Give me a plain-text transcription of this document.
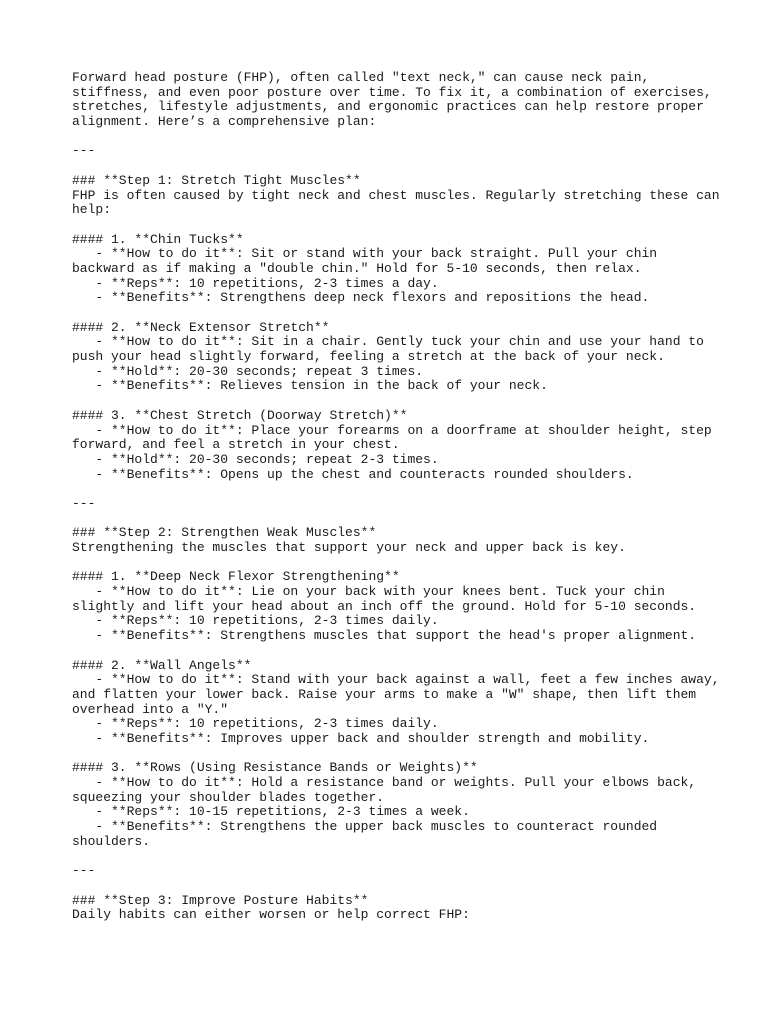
Forward head posture (FHP), often called "text neck," can cause neck pain,
stiffness, and even poor posture over time. To fix it, a combination of exercises,
stretches, lifestyle adjustments, and ergonomic practices can help restore proper
alignment. Here’s a comprehensive plan:
---
### **Step 1: Stretch Tight Muscles**
FHP is often caused by tight neck and chest muscles. Regularly stretching these can
help:
#### 1. **Chin Tucks**
- **How to do it**: Sit or stand with your back straight. Pull your chin
backward as if making a "double chin." Hold for 5-10 seconds, then relax.
- **Reps**: 10 repetitions, 2-3 times a day.
- **Benefits**: Strengthens deep neck flexors and repositions the head.
#### 2. **Neck Extensor Stretch**
- **How to do it**: Sit in a chair. Gently tuck your chin and use your hand to
push your head slightly forward, feeling a stretch at the back of your neck.
- **Hold**: 20-30 seconds; repeat 3 times.
- **Benefits**: Relieves tension in the back of your neck.
#### 3. **Chest Stretch (Doorway Stretch)**
- **How to do it**: Place your forearms on a doorframe at shoulder height, step
forward, and feel a stretch in your chest.
- **Hold**: 20-30 seconds; repeat 2-3 times.
- **Benefits**: Opens up the chest and counteracts rounded shoulders.
---
### **Step 2: Strengthen Weak Muscles**
Strengthening the muscles that support your neck and upper back is key.
#### 1. **Deep Neck Flexor Strengthening**
- **How to do it**: Lie on your back with your knees bent. Tuck your chin
slightly and lift your head about an inch off the ground. Hold for 5-10 seconds.
- **Reps**: 10 repetitions, 2-3 times daily.
- **Benefits**: Strengthens muscles that support the head's proper alignment.
#### 2. **Wall Angels**
- **How to do it**: Stand with your back against a wall, feet a few inches away,
and flatten your lower back. Raise your arms to make a "W" shape, then lift them
overhead into a "Y."
- **Reps**: 10 repetitions, 2-3 times daily.
- **Benefits**: Improves upper back and shoulder strength and mobility.
#### 3. **Rows (Using Resistance Bands or Weights)**
- **How to do it**: Hold a resistance band or weights. Pull your elbows back,
squeezing your shoulder blades together.
- **Reps**: 10-15 repetitions, 2-3 times a week.
- **Benefits**: Strengthens the upper back muscles to counteract rounded
shoulders.
---
### **Step 3: Improve Posture Habits**
Daily habits can either worsen or help correct FHP:
